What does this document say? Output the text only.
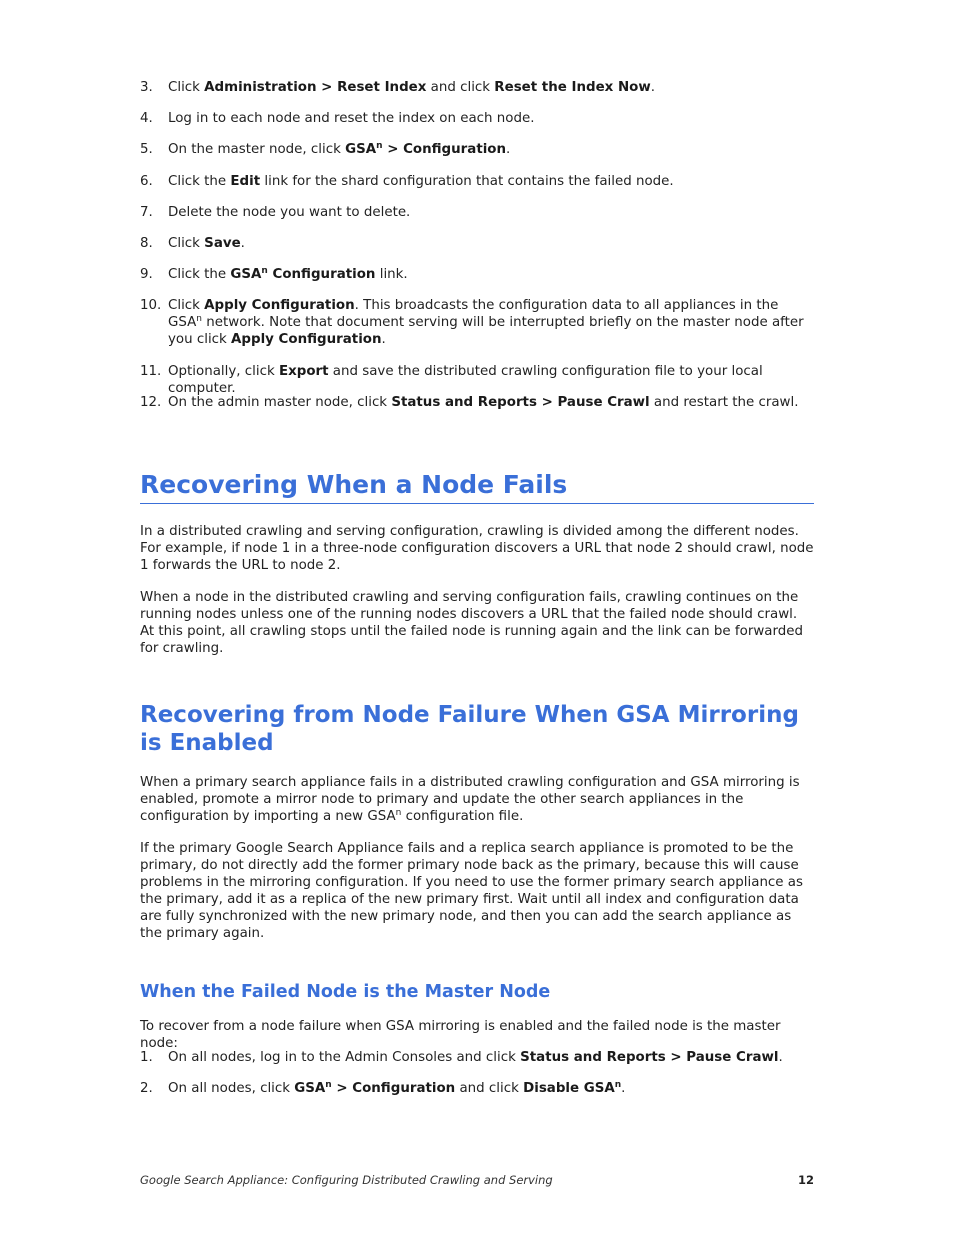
3.	Click Administration > Reset Index and click Reset the Index Now.
4.	Log in to each node and reset the index on each node.
5.	On the master node, click $GSA^n$ > Configuration.
6.	Click the Edit link for the shard configuration that contains the failed node.
7.	Delete the node you want to delete.
8.	Click Save.
9.	Click the GSA$^n$ Configuration link.
10. Click Apply Configuration. This broadcasts the configuration data to all appliances in the GSA$^n$ network. Note that document serving will be interrupted briefly on the master node after you click Apply Configuration.
11. Optionally, click Export and save the distributed crawling configuration file to your local computer.
12. On the admin master node, click Status and Reports > Pause Crawl and restart the crawl.
Recovering When a Node Fails
In a distributed crawling and serving configuration, crawling is divided among the different nodes. For example, if node 1 in a three-node configuration discovers a URL that node 2 should crawl, node 1 forwards the URL to node 2.
When a node in the distributed crawling and serving configuration fails, crawling continues on the running nodes unless one of the running nodes discovers a URL that the failed node should crawl. At this point, all crawling stops until the failed node is running again and the link can be forwarded for crawling.
Recovering from Node Failure When GSA Mirroring is Enabled
When a primary search appliance fails in a distributed crawling configuration and GSA mirroring is enabled, promote a mirror node to primary and update the other search appliances in the configuration by importing a new GSA$^n$ configuration file.
If the primary Google Search Appliance fails and a replica search appliance is promoted to be the primary, do not directly add the former primary node back as the primary, because this will cause problems in the mirroring configuration. If you need to use the former primary search appliance as the primary, add it as a replica of the new primary first. Wait until all index and configuration data are fully synchronized with the new primary node, and then you can add the search appliance as the primary again.
When the Failed Node is the Master Node
To recover from a node failure when GSA mirroring is enabled and the failed node is the master node:
1.	On all nodes, log in to the Admin Consoles and click Status and Reports > Pause Crawl.
2.	On all nodes, click $GSA^n$ > Configuration and click Disable GSA$^n$.
Google Search Appliance: Configuring Distributed Crawling and Serving	12
